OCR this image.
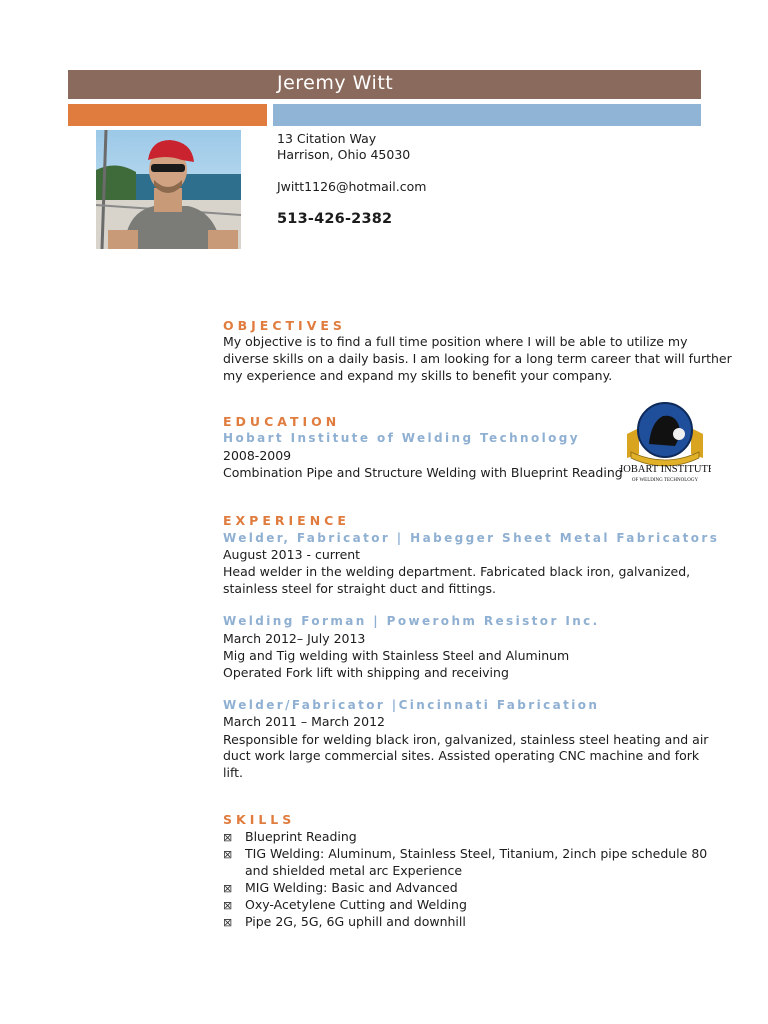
Jeremy Witt
13 Citation Way
Harrison, Ohio 45030
Jwitt1126@hotmail.com
513-426-2382
OBJECTIVES
My objective is to find a full time position where I will be able to utilize my
diverse skills on a daily basis. I am looking for a long term career that will further
my experience and expand my skills to benefit your company.
EDUCATION
Hobart Institute of Welding Technology
2008-2009
Combination Pipe and Structure Welding with Blueprint Reading
HOBART INSTITUTE
OF WELDING TECHNOLOGY
EXPERIENCE
Welder, Fabricator | Habegger Sheet Metal Fabricators
August 2013 - current
Head welder in the welding department. Fabricated black iron, galvanized,
stainless steel for straight duct and fittings.
Welding Forman | Powerohm Resistor Inc.
March 2012– July 2013
Mig and Tig welding with Stainless Steel and Aluminum
Operated Fork lift with shipping and receiving
Welder/Fabricator |Cincinnati Fabrication
March 2011 – March 2012
Responsible for welding black iron, galvanized, stainless steel heating and air
duct work large commercial sites. Assisted operating CNC machine and fork
lift.
SKILLS
⊠ Blueprint Reading
⊠ TIG Welding: Aluminum, Stainless Steel, Titanium, 2inch pipe schedule 80
and shielded metal arc Experience
⊠ MIG Welding: Basic and Advanced
⊠ Oxy-Acetylene Cutting and Welding
⊠ Pipe 2G, 5G, 6G uphill and downhill
